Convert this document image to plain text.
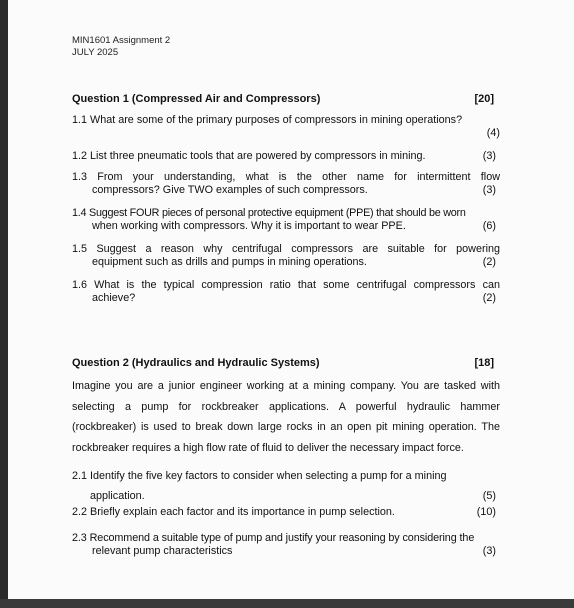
MIN1601 Assignment 2
JULY 2025
Question 1 (Compressed Air and Compressors)	[20]
1.1 What are some of the primary purposes of compressors in mining operations?
(4)
1.2 List three pneumatic tools that are powered by compressors in mining.	(3)
1.3 From your understanding, what is the other name for intermittent flow
compressors? Give TWO examples of such compressors.	(3)
1.4 Suggest FOUR pieces of personal protective equipment (PPE) that should be worn
when working with compressors. Why it is important to wear PPE.	(6)
1.5 Suggest a reason why centrifugal compressors are suitable for powering
equipment such as drills and pumps in mining operations.	(2)
1.6 What is the typical compression ratio that some centrifugal compressors can
achieve?	(2)
Question 2 (Hydraulics and Hydraulic Systems)	[18]
Imagine you are a junior engineer working at a mining company. You are tasked with
selecting a pump for rockbreaker applications. A powerful hydraulic hammer
(rockbreaker) is used to break down large rocks in an open pit mining operation. The
rockbreaker requires a high flow rate of fluid to deliver the necessary impact force.
2.1 Identify the five key factors to consider when selecting a pump for a mining
application.	(5)
2.2 Briefly explain each factor and its importance in pump selection.	(10)
2.3 Recommend a suitable type of pump and justify your reasoning by considering the
relevant pump characteristics	(3)
